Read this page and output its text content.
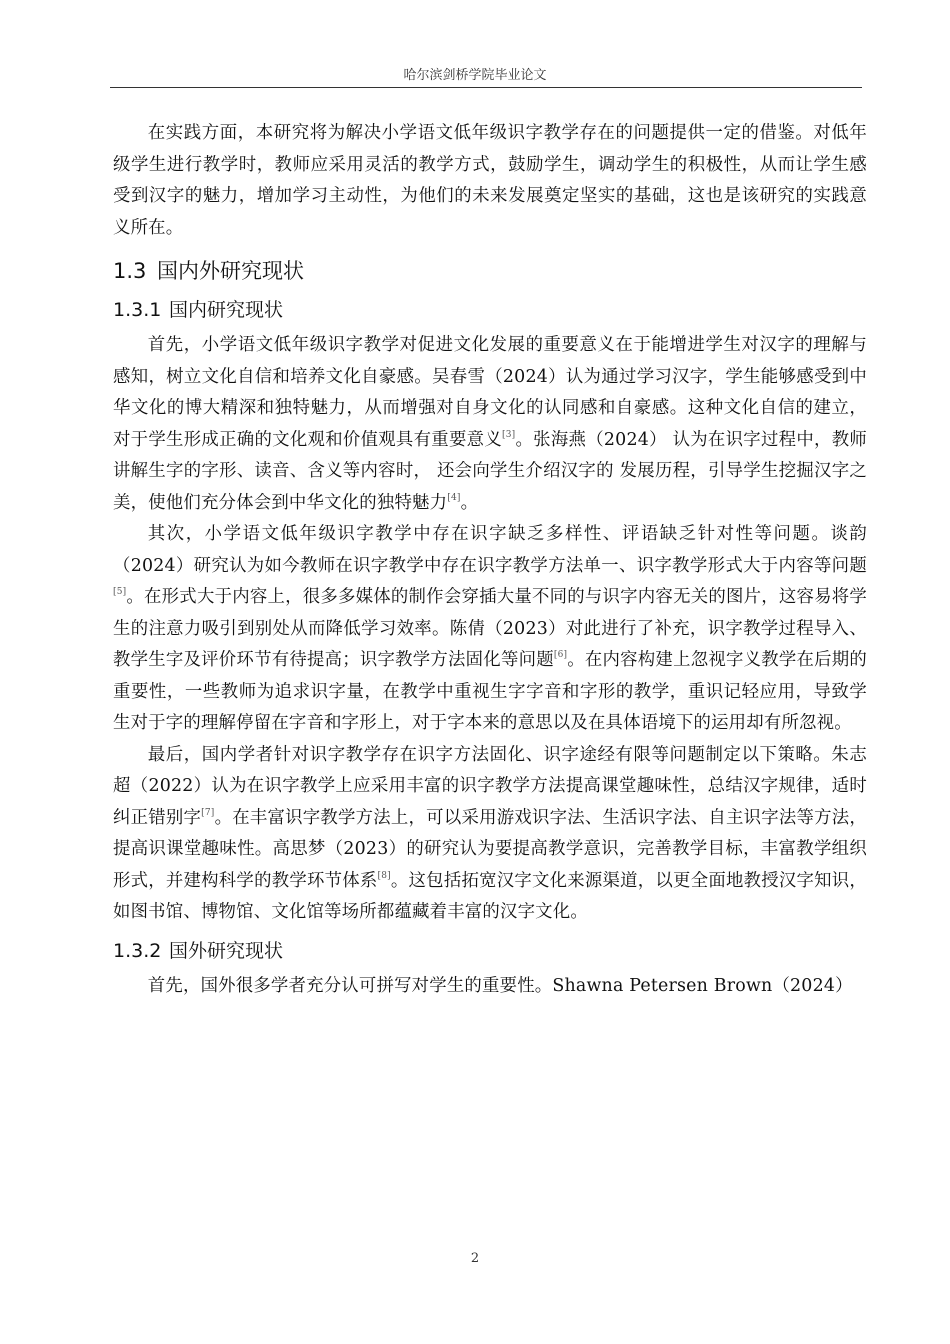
哈尔滨剑桥学院毕业论文

在实践方面，本研究将为解决小学语文低年级识字教学存在的问题提供一定的借鉴。对低年级学生进行教学时，教师应采用灵活的教学方式，鼓励学生，调动学生的积极性，从而让学生感受到汉字的魅力，增加学习主动性，为他们的未来发展奠定坚实的基础，这也是该研究的实践意义所在。

1.3 国内外研究现状
1.3.1 国内研究现状

首先，小学语文低年级识字教学对促进文化发展的重要意义在于能增进学生对汉字的理解与感知，树立文化自信和培养文化自豪感。吴春雪（2024）认为通过学习汉字，学生能够感受到中华文化的博大精深和独特魅力，从而增强对自身文化的认同感和自豪感。这种文化自信的建立，对于学生形成正确的文化观和价值观具有重要意义[3]。张海燕（2024） 认为在识字过程中，教师讲解生字的字形、读音、含义等内容时， 还会向学生介绍汉字的 发展历程，引导学生挖掘汉字之美，使他们充分体会到中华文化的独特魅力[4]。

其次，小学语文低年级识字教学中存在识字缺乏多样性、评语缺乏针对性等问题。谈韵（2024）研究认为如今教师在识字教学中存在识字教学方法单一、识字教学形式大于内容等问题[5]。在形式大于内容上，很多多媒体的制作会穿插大量不同的与识字内容无关的图片，这容易将学生的注意力吸引到别处从而降低学习效率。陈倩（2023）对此进行了补充，识字教学过程导入、教学生字及评价环节有待提高；识字教学方法固化等问题[6]。在内容构建上忽视字义教学在后期的重要性，一些教师为追求识字量，在教学中重视生字字音和字形的教学，重识记轻应用，导致学生对于字的理解停留在字音和字形上，对于字本来的意思以及在具体语境下的运用却有所忽视。

最后，国内学者针对识字教学存在识字方法固化、识字途经有限等问题制定以下策略。朱志超（2022）认为在识字教学上应采用丰富的识字教学方法提高课堂趣味性，总结汉字规律，适时纠正错别字[7]。在丰富识字教学方法上，可以采用游戏识字法、生活识字法、自主识字法等方法，提高识课堂趣味性。高思梦（2023）的研究认为要提高教学意识，完善教学目标，丰富教学组织形式，并建构科学的教学环节体系[8]。这包括拓宽汉字文化来源渠道，以更全面地教授汉字知识，如图书馆、博物馆、文化馆等场所都蕴藏着丰富的汉字文化。

1.3.2 国外研究现状

首先，国外很多学者充分认可拼写对学生的重要性。Shawna Petersen Brown（2024）

2
